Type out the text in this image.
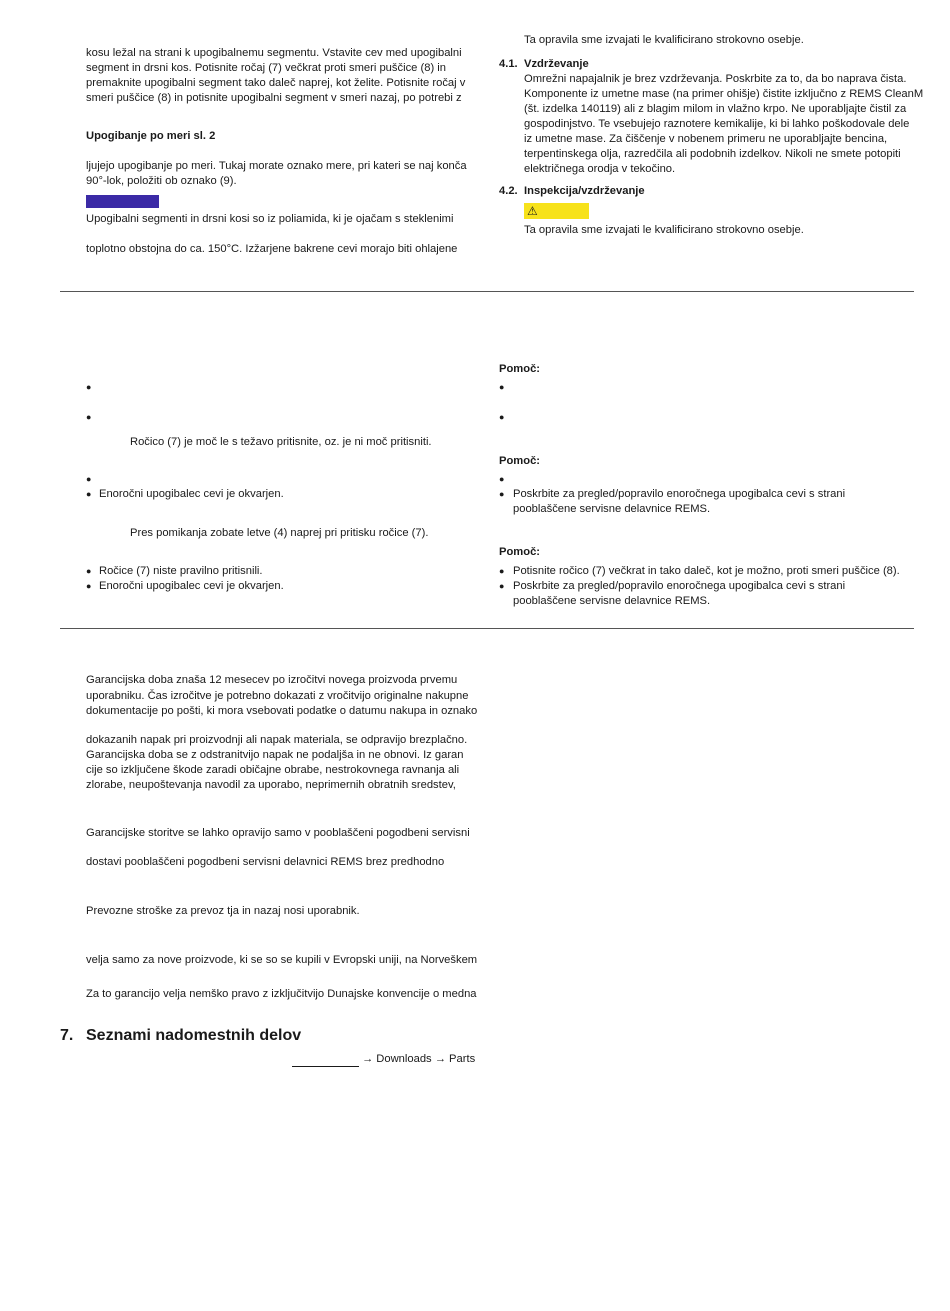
kosu ležal na strani k upogibalnemu segmentu. Vstavite cev med upogibalni
segment in drsni kos. Potisnite ročaj (7) večkrat proti smeri puščice (8) in
premaknite upogibalni segment tako daleč naprej, kot želite. Potisnite ročaj v
smeri puščice (8) in potisnite upogibalni segment v smeri nazaj, po potrebi z
Upogibanje po meri sl. 2
ljujejo upogibanje po meri. Tukaj morate oznako mere, pri kateri se naj konča
90°-lok, položiti ob oznako (9).
Upogibalni segmenti in drsni kosi so iz poliamida, ki je ojačam s steklenimi
toplotno obstojna do ca. 150°C. Izžarjene bakrene cevi morajo biti ohlajene
Ta opravila sme izvajati le kvalificirano strokovno osebje.
4.1. Vzdrževanje
Omrežni napajalnik je brez vzdrževanja. Poskrbite za to, da bo naprava čista.
Komponente iz umetne mase (na primer ohišje) čistite izključno z REMS CleanM
(št. izdelka 140119) ali z blagim milom in vlažno krpo. Ne uporabljajte čistil za
gospodinjstvo. Te vsebujejo raznotere kemikalije, ki bi lahko poškodovale dele
iz umetne mase. Za čiščenje v nobenem primeru ne uporabljajte bencina,
terpentinskega olja, razredčila ali podobnih izdelkov. Nikoli ne smete potopiti
električnega orodja v tekočino.
4.2. Inspekcija/vzdrževanje
⚠
Ta opravila sme izvajati le kvalificirano strokovno osebje.
●
●
Ročico (7) je moč le s težavo pritisnite, oz. je ni moč pritisniti.
●
● Enoročni upogibalec cevi je okvarjen.
Pres pomikanja zobate letve (4) naprej pri pritisku ročice (7).
● Ročice (7) niste pravilno pritisnili.
● Enoročni upogibalec cevi je okvarjen.
Pomoč:
●
●
Pomoč:
●
● Poskrbite za pregled/popravilo enoročnega upogibalca cevi s strani
pooblaščene servisne delavnice REMS.
Pomoč:
● Potisnite ročico (7) večkrat in tako daleč, kot je možno, proti smeri puščice (8).
● Poskrbite za pregled/popravilo enoročnega upogibalca cevi s strani
pooblaščene servisne delavnice REMS.
Garancijska doba znaša 12 mesecev po izročitvi novega proizvoda prvemu
uporabniku. Čas izročitve je potrebno dokazati z vročitvijo originalne nakupne
dokumentacije po pošti, ki mora vsebovati podatke o datumu nakupa in oznako
dokazanih napak pri proizvodnji ali napak materiala, se odpravijo brezplačno.
Garancijska doba se z odstranitvijo napak ne podaljša in ne obnovi. Iz garan
cije so izključene škode zaradi običajne obrabe, nestrokovnega ravnanja ali
zlorabe, neupoštevanja navodil za uporabo, neprimernih obratnih sredstev,
Garancijske storitve se lahko opravijo samo v pooblaščeni pogodbeni servisni
dostavi pooblaščeni pogodbeni servisni delavnici REMS brez predhodno
Prevozne stroške za prevoz tja in nazaj nosi uporabnik.
velja samo za nove proizvode, ki se so se kupili v Evropski uniji, na Norveškem
Za to garancijo velja nemško pravo z izključitvijo Dunajske konvencije o medna
7. Seznami nadomestnih delov
→ Downloads → Parts
